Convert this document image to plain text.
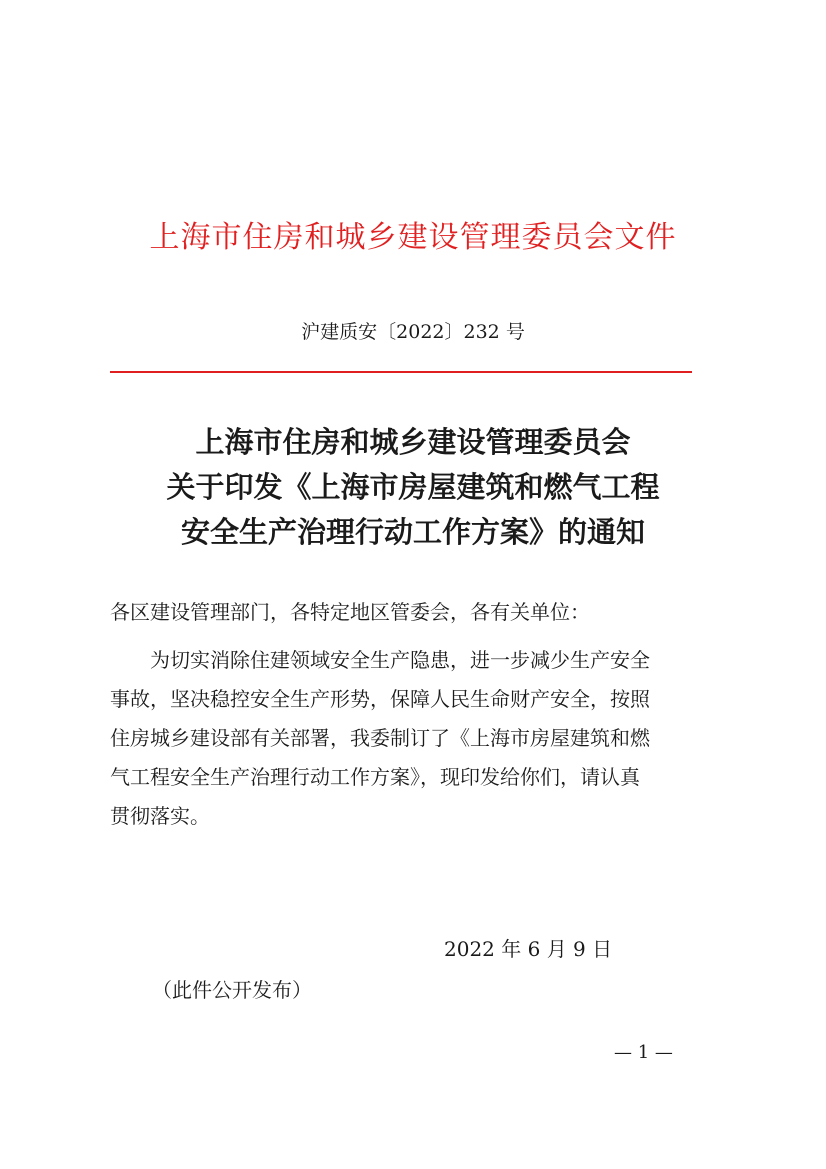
上海市住房和城乡建设管理委员会文件
沪建质安〔2022〕232 号
上海市住房和城乡建设管理委员会
关于印发《上海市房屋建筑和燃气工程
安全生产治理行动工作方案》的通知
各区建设管理部门，各特定地区管委会，各有关单位：
　　为切实消除住建领域安全生产隐患，进一步减少生产安全
事故，坚决稳控安全生产形势，保障人民生命财产安全，按照
住房城乡建设部有关部署，我委制订了《上海市房屋建筑和燃
气工程安全生产治理行动工作方案》，现印发给你们，请认真
贯彻落实。
2022 年 6 月 9 日
（此件公开发布）
— 1 —
